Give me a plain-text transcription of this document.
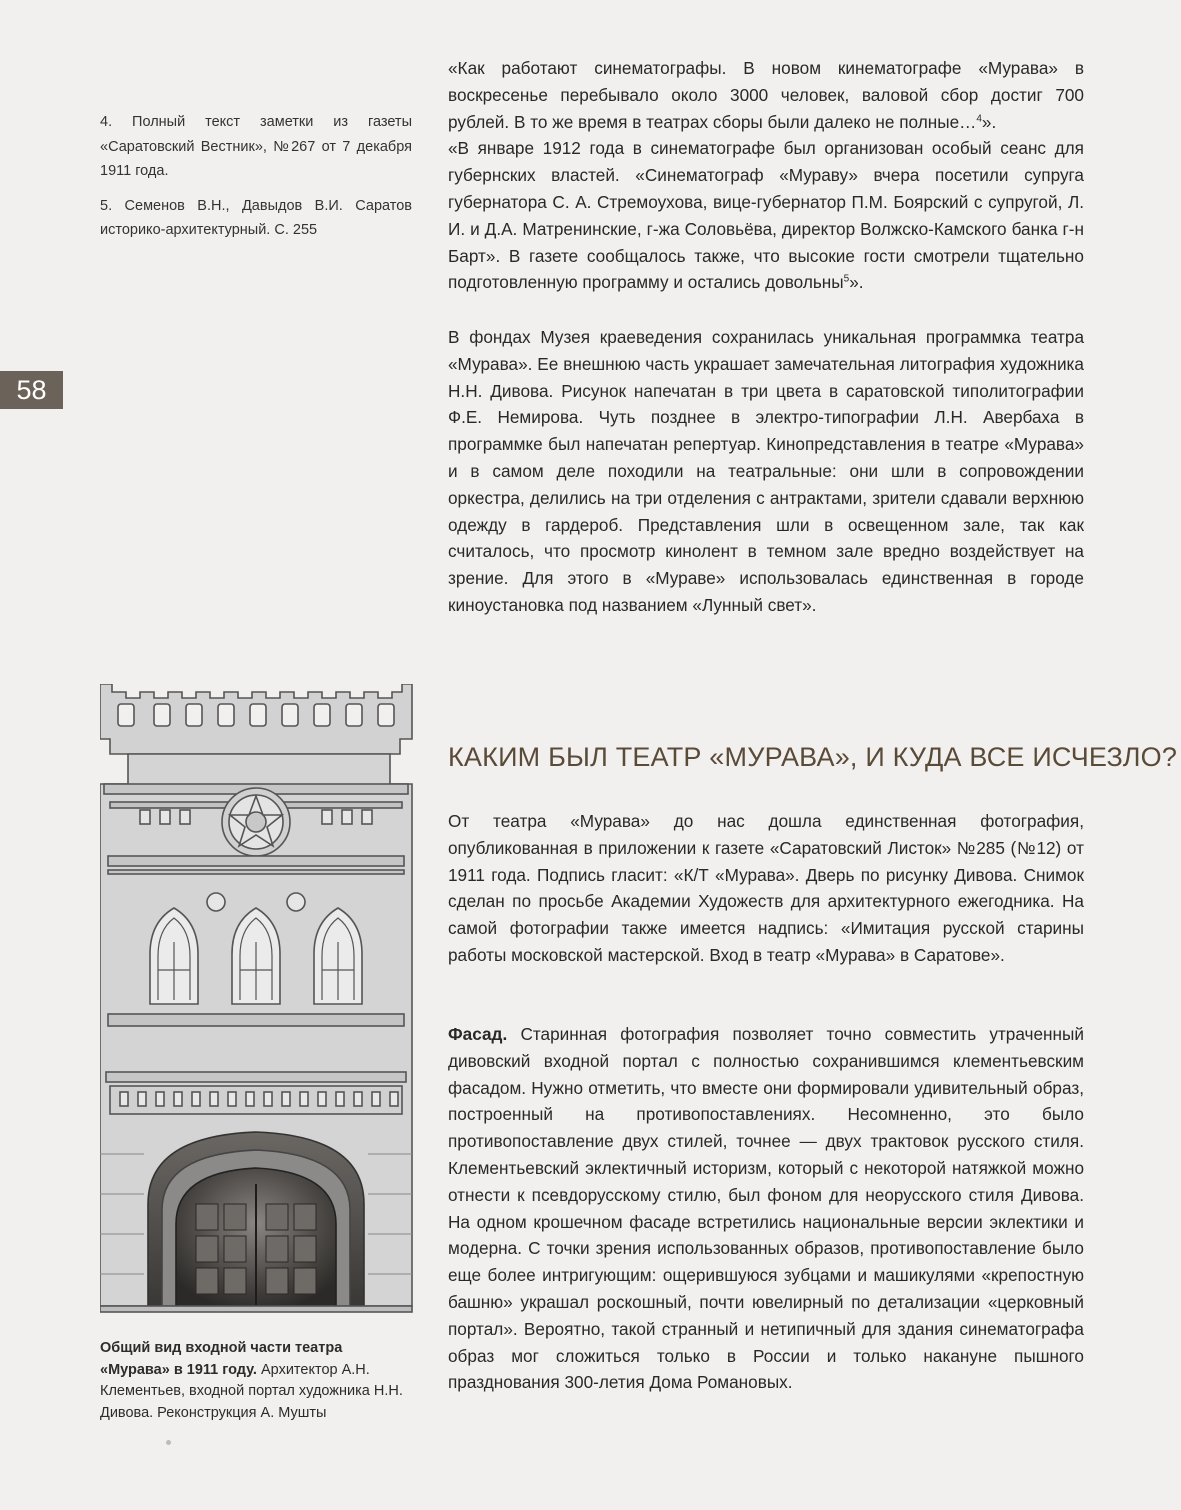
58

4. Полный текст заметки из газеты «Саратовский Вестник», №267 от 7 декабря 1911 года.

5. Семенов В.Н., Давыдов В.И. Саратов историко-архитектурный. С. 255

«Как работают синематографы. В новом кинематографе «Мурава» в воскресенье перебывало около 3000 человек, валовой сбор достиг 700 рублей. В то же время в театрах сборы были далеко не полные…$^4$».

«В январе 1912 года в синематографе был организован особый сеанс для губернских властей. «Синематограф «Мураву» вчера посетили супруга губернатора С. А. Стремоухова, вице-губернатор П.М. Боярский с супругой, Л. И. и Д.А. Матренинские, г-жа Соловьёва, директор Волжско-Камского банка г-н Барт». В газете сообщалось также, что высокие гости смотрели тщательно подготовленную программу и остались довольны$^5$».

В фондах Музея краеведения сохранилась уникальная программка театра «Мурава». Ее внешнюю часть украшает замечательная литография художника Н.Н. Дивова. Рисунок напечатан в три цвета в саратовской типолитографии Ф.Е. Немирова. Чуть позднее в электро-типографии Л.Н. Авербаха в программке был напечатан репертуар. Кинопредставления в театре «Мурава» и в самом деле походили на театральные: они шли в сопровождении оркестра, делились на три отделения с антрактами, зрители сдавали верхнюю одежду в гардероб. Представления шли в освещенном зале, так как считалось, что просмотр кинолент в темном зале вредно воздействует на зрение. Для этого в «Мураве» использовалась единственная в городе киноустановка под названием «Лунный свет».

КАКИМ БЫЛ ТЕАТР «МУРАВА», И КУДА ВСЕ ИСЧЕЗЛО?

От театра «Мурава» до нас дошла единственная фотография, опубликованная в приложении к газете «Саратовский Листок» №285 (№12) от 1911 года. Подпись гласит: «К/Т «Мурава». Дверь по рисунку Дивова. Снимок сделан по просьбе Академии Художеств для архитектурного ежегодника. На самой фотографии также имеется надпись: «Имитация русской старины работы московской мастерской. Вход в театр «Мурава» в Саратове».

Фасад. Старинная фотография позволяет точно совместить утраченный дивовский входной портал с полностью сохранившимся клементьевским фасадом. Нужно отметить, что вместе они формировали удивительный образ, построенный на противопоставлениях. Несомненно, это было противопоставление двух стилей, точнее — двух трактовок русского стиля. Клементьевский эклектичный историзм, который с некоторой натяжкой можно отнести к псевдорусскому стилю, был фоном для неорусского стиля Дивова. На одном крошечном фасаде встретились национальные версии эклектики и модерна. С точки зрения использованных образов, противопоставление было еще более интригующим: ощерившуюся зубцами и машикулями «крепостную башню» украшал роскошный, почти ювелирный по детализации «церковный портал». Вероятно, такой странный и нетипичный для здания синематографа образ мог сложиться только в России и только накануне пышного празднования 300-летия Дома Романовых.

Общий вид входной части театра «Мурава» в 1911 году. Архитектор А.Н. Клементьев, входной портал художника Н.Н. Дивова. Реконструкция А. Мушты
